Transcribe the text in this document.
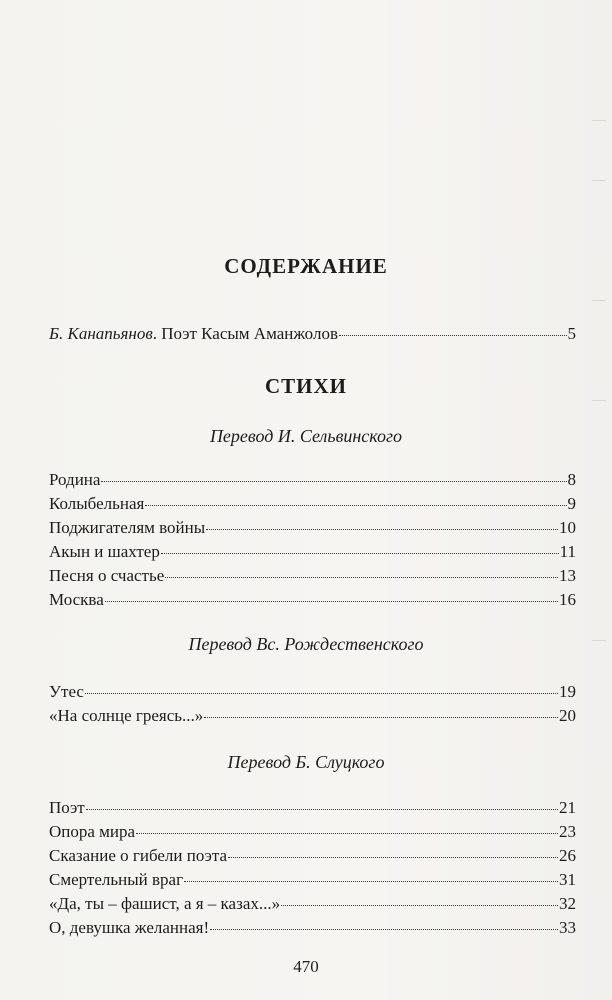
СОДЕРЖАНИЕ
Б. Канапьянов. Поэт Касым Аманжолов	5
СТИХИ
Перевод И. Сельвинского
Родина	8
Колыбельная	9
Поджигателям войны	10
Акын и шахтер	11
Песня о счастье	13
Москва	16
Перевод Вс. Рождественского
Утес	19
«На солнце греясь...»	20
Перевод Б. Слуцкого
Поэт	21
Опора мира	23
Сказание о гибели поэта	26
Смертельный враг	31
«Да, ты – фашист, а я – казах...»	32
О, девушка желанная!	33
470
